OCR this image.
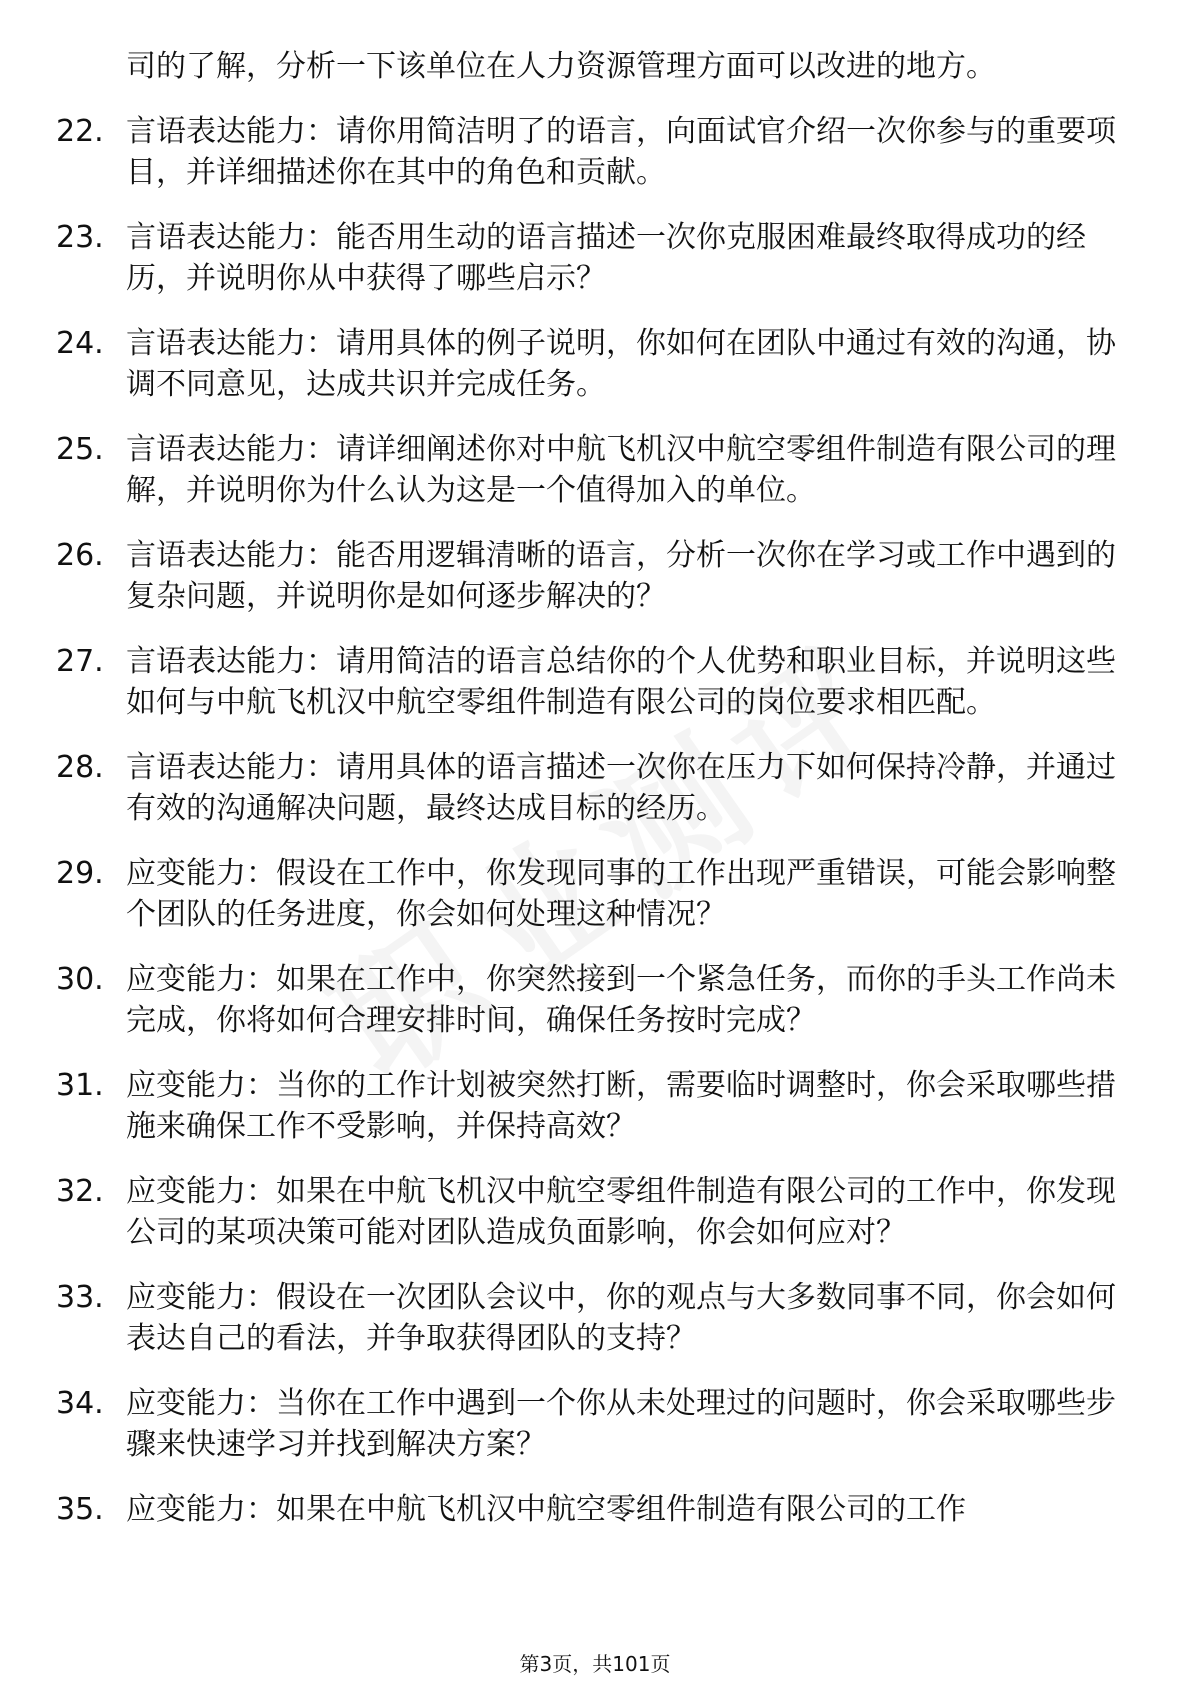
司的了解，分析一下该单位在人力资源管理方面可以改进的地方。
22. 言语表达能力：请你用简洁明了的语言，向面试官介绍一次你参与的重要项目，并详细描述你在其中的角色和贡献。
23. 言语表达能力：能否用生动的语言描述一次你克服困难最终取得成功的经历，并说明你从中获得了哪些启示？
24. 言语表达能力：请用具体的例子说明，你如何在团队中通过有效的沟通，协调不同意见，达成共识并完成任务。
25. 言语表达能力：请详细阐述你对中航飞机汉中航空零组件制造有限公司的理解，并说明你为什么认为这是一个值得加入的单位。
26. 言语表达能力：能否用逻辑清晰的语言，分析一次你在学习或工作中遇到的复杂问题，并说明你是如何逐步解决的？
27. 言语表达能力：请用简洁的语言总结你的个人优势和职业目标，并说明这些如何与中航飞机汉中航空零组件制造有限公司的岗位要求相匹配。
28. 言语表达能力：请用具体的语言描述一次你在压力下如何保持冷静，并通过有效的沟通解决问题，最终达成目标的经历。
29. 应变能力：假设在工作中，你发现同事的工作出现严重错误，可能会影响整个团队的任务进度，你会如何处理这种情况？
30. 应变能力：如果在工作中，你突然接到一个紧急任务，而你的手头工作尚未完成，你将如何合理安排时间，确保任务按时完成？
31. 应变能力：当你的工作计划被突然打断，需要临时调整时，你会采取哪些措施来确保工作不受影响，并保持高效？
32. 应变能力：如果在中航飞机汉中航空零组件制造有限公司的工作中，你发现公司的某项决策可能对团队造成负面影响，你会如何应对？
33. 应变能力：假设在一次团队会议中，你的观点与大多数同事不同，你会如何表达自己的看法，并争取获得团队的支持？
34. 应变能力：当你在工作中遇到一个你从未处理过的问题时，你会采取哪些步骤来快速学习并找到解决方案？
35. 应变能力：如果在中航飞机汉中航空零组件制造有限公司的工作
第3页，共101页
